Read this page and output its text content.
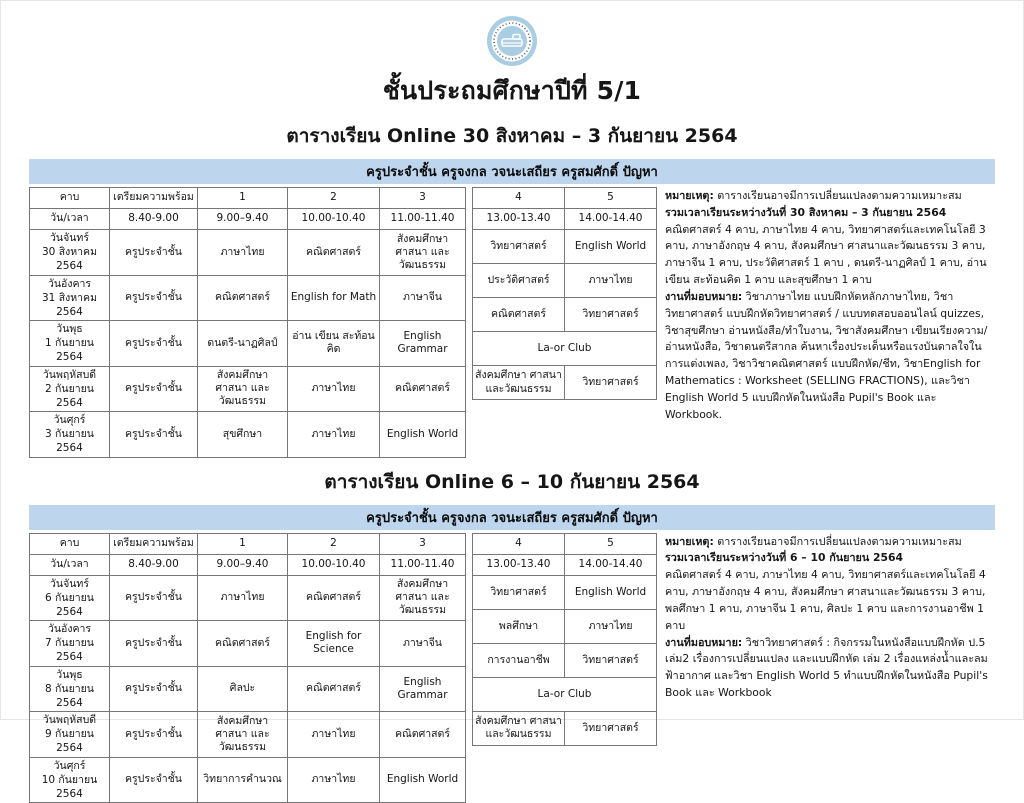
ชั้นประถมศึกษาปีที่ 5/1
ตารางเรียน Online 30 สิงหาคม – 3 กันยายน 2564
ครูประจำชั้น ครูจงกล วจนะเสถียร ครูสมศักดิ์ ปัญหา
คาบ	เตรียมความพร้อม	1	2	3
วัน/เวลา	8.40-9.00	9.00–9.40	10.00-10.40	11.00-11.40

วันจันทร์
30 สิงหาคม 2564	ครูประจำชั้น	ภาษาไทย	คณิตศาสตร์	สังคมศึกษา ศาสนา และวัฒนธรรม

วันอังคาร
31 สิงหาคม 2564	ครูประจำชั้น	คณิตศาสตร์	English for Math	ภาษาจีน

วันพุธ
1 กันยายน 2564	ครูประจำชั้น	ดนตรี-นาฏศิลป์	อ่าน เขียน สะท้อนคิด	English Grammar

วันพฤหัสบดี
2 กันยายน 2564	ครูประจำชั้น	สังคมศึกษา ศาสนา และวัฒนธรรม	ภาษาไทย	คณิตศาสตร์

วันศุกร์
3 กันยายน 2564	ครูประจำชั้น	สุขศึกษา	ภาษาไทย	English World
4	5
13.00-13.40	14.00-14.40
วิทยาศาสตร์	English World
ประวัติศาสตร์	ภาษาไทย
คณิตศาสตร์	วิทยาศาสตร์
La-or Club	
สังคมศึกษา ศาสนา และวัฒนธรรม	วิทยาศาสตร์

หมายเหตุ: ตารางเรียนอาจมีการเปลี่ยนแปลงตามความเหมาะสม

รวมเวลาเรียนระหว่างวันที่ 30 สิงหาคม – 3 กันยายน 2564

คณิตศาสตร์ 4 คาบ, ภาษาไทย 4 คาบ, วิทยาศาสตร์และเทคโนโลยี 3 คาบ, ภาษาอังกฤษ 4 คาบ, สังคมศึกษา ศาสนาและวัฒนธรรม 3 คาบ, ภาษาจีน 1 คาบ, ประวัติศาสตร์ 1 คาบ , ดนตรี-นาฏศิลป์ 1 คาบ, อ่าน เขียน สะท้อนคิด 1 คาบ และสุขศึกษา 1 คาบ

งานที่มอบหมาย: วิชาภาษาไทย แบบฝึกหัดหลักภาษาไทย, วิชาวิทยาศาสตร์ แบบฝึกหัดวิทยาศาสตร์ / แบบทดสอบออนไลน์ quizzes, วิชาสุขศึกษา อ่านหนังสือ/ทำใบงาน, วิชาสังคมศึกษา เขียนเรียงความ/อ่านหนังสือ, วิชาดนตรีสากล ค้นหาเรื่องประเด็นหรือแรงบันดาลใจในการแต่งเพลง, วิชาวิชาคณิตศาสตร์ แบบฝึกหัด/ชีท, วิชาEnglish for Mathematics : Worksheet (SELLING FRACTIONS), และวิชา English World 5 แบบฝึกหัดในหนังสือ Pupil's Book และ Workbook.

ตารางเรียน Online 6 – 10 กันยายน 2564
ครูประจำชั้น ครูจงกล วจนะเสถียร ครูสมศักดิ์ ปัญหา
คาบ	เตรียมความพร้อม	1	2	3
วัน/เวลา	8.40-9.00	9.00–9.40	10.00-10.40	11.00-11.40

วันจันทร์
6 กันยายน 2564	ครูประจำชั้น	ภาษาไทย	คณิตศาสตร์	สังคมศึกษา ศาสนา และวัฒนธรรม

วันอังคาร
7 กันยายน 2564	ครูประจำชั้น	คณิตศาสตร์	English for Science	ภาษาจีน

วันพุธ
8 กันยายน 2564	ครูประจำชั้น	ศิลปะ	คณิตศาสตร์	English Grammar

วันพฤหัสบดี
9 กันยายน 2564	ครูประจำชั้น	สังคมศึกษา ศาสนา และวัฒนธรรม	ภาษาไทย	คณิตศาสตร์

วันศุกร์
10 กันยายน 2564	ครูประจำชั้น	วิทยาการคำนวณ	ภาษาไทย	English World
4	5
13.00-13.40	14.00-14.40
วิทยาศาสตร์	English World
พลศึกษา	ภาษาไทย
การงานอาชีพ	วิทยาศาสตร์
La-or Club	
สังคมศึกษา ศาสนา และวัฒนธรรม	วิทยาศาสตร์

หมายเหตุ: ตารางเรียนอาจมีการเปลี่ยนแปลงตามความเหมาะสม

รวมเวลาเรียนระหว่างวันที่ 6 – 10 กันยายน 2564

คณิตศาสตร์ 4 คาบ, ภาษาไทย 4 คาบ, วิทยาศาสตร์และเทคโนโลยี 4 คาบ, ภาษาอังกฤษ 4 คาบ, สังคมศึกษา ศาสนาและวัฒนธรรม 3 คาบ, พลศึกษา 1 คาบ, ภาษาจีน 1 คาบ, ศิลปะ 1 คาบ และการงานอาชีพ 1 คาบ

งานที่มอบหมาย: วิชาวิทยาศาสตร์ : กิจกรรมในหนังสือแบบฝึกหัด ป.5 เล่ม2 เรื่องการเปลี่ยนแปลง และแบบฝึกหัด เล่ม 2 เรื่องแหล่งน้ำและลมฟ้าอากาศ และวิชา English World 5 ทำแบบฝึกหัดในหนังสือ Pupil's Book และ Workbook
